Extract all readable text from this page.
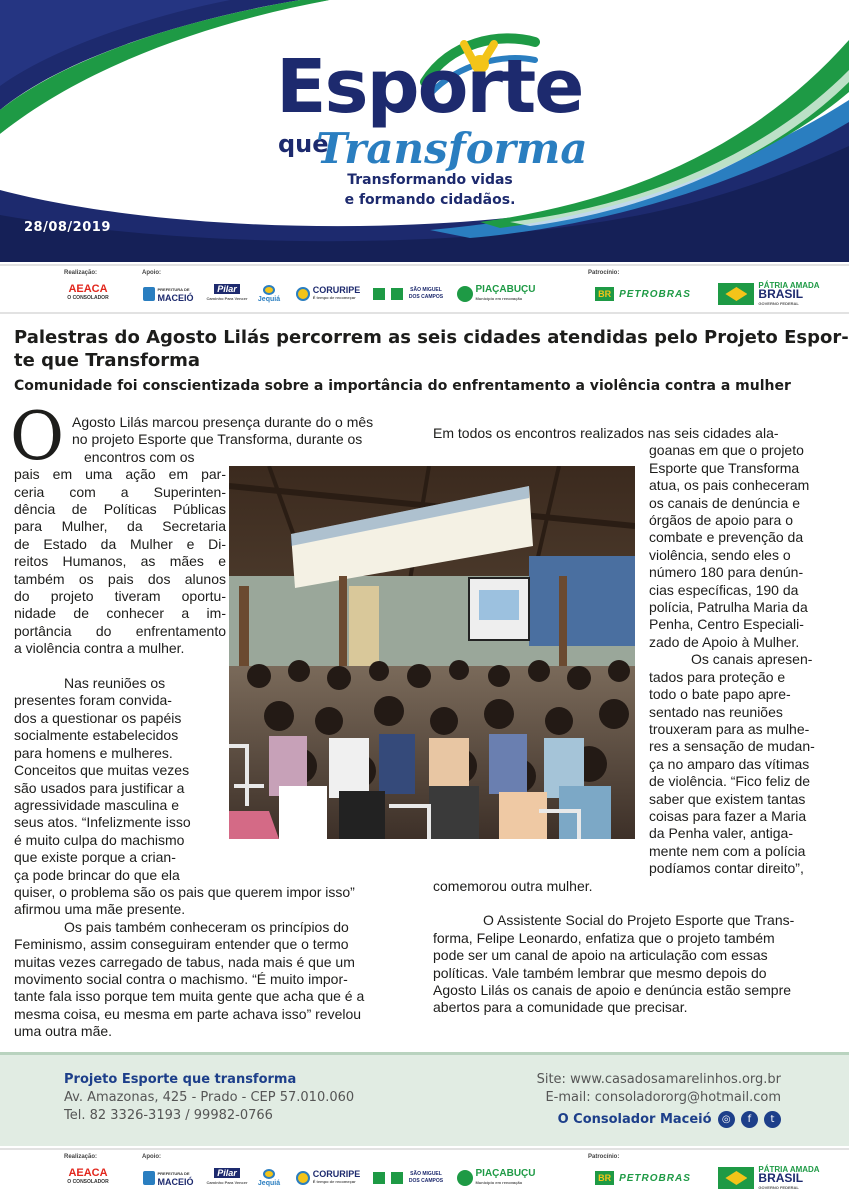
Esporte
que
Transforma
Transformando vidas
e formando cidadãos.
28/08/2019
Realização:	Apoio:	Patrocínio:
AEACA
O CONSOLADOR
PREFEITURA DE
MACEIÓ
Pilar
Caminho Para Vencer Jequiá
CORURIPE
É tempo de recomeçar
SÃO MIGUEL
DOS CAMPOS
PIAÇABUÇU
Município em renovação	BR PETROBRAS
PÁTRIA AMADA
BRASIL
GOVERNO FEDERAL
Palestras do Agosto Lilás percorrem as seis cidades atendidas pelo Projeto Espor-
te que Transforma
Comunidade foi conscientizada sobre a importância do enfrentamento a violência contra a mulher
O Agosto Lilás marcou presença durante do o mês
no projeto Esporte que Transforma, durante os
encontros com os
pais em uma ação em par-
ceria com a Superinten-
dência de Políticas Públicas
para Mulher, da Secretaria
de Estado da Mulher e Di-
reitos Humanos, as mães e
também os pais dos alunos
do projeto tiveram oportu-
nidade de conhecer a im-
portância do enfrentamento
a violência contra a mulher.
Nas reuniões os
presentes foram convida-
dos a questionar os papéis
socialmente estabelecidos
para homens e mulheres.
Conceitos que muitas vezes
são usados para justificar a
agressividade masculina e
seus atos. “Infelizmente isso
é muito culpa do machismo
que existe porque a crian-
ça pode brincar do que ela
quiser, o problema são os pais que querem impor isso”
afirmou uma mãe presente.
Os pais também conheceram os princípios do
Feminismo, assim conseguiram entender que o termo
muitas vezes carregado de tabus, nada mais é que um
movimento social contra o machismo. “É muito impor-
tante fala isso porque tem muita gente que acha que é a
mesma coisa, eu mesma em parte achava isso” revelou
uma outra mãe.
Em todos os encontros realizados nas seis cidades ala-
goanas em que o projeto
Esporte que Transforma
atua, os pais conheceram
os canais de denúncia e
órgãos de apoio para o
combate e prevenção da
violência, sendo eles o
número 180 para denún-
cias específicas, 190 da
polícia, Patrulha Maria da
Penha, Centro Especiali-
zado de Apoio à Mulher.
Os canais apresen-
tados para proteção e
todo o bate papo apre-
sentado nas reuniões
trouxeram para as mulhe-
res a sensação de mudan-
ça no amparo das vítimas
de violência. “Fico feliz de
saber que existem tantas
coisas para fazer a Maria
da Penha valer, antiga-
mente nem com a polícia
podíamos contar direito”,
comemorou outra mulher.
O Assistente Social do Projeto Esporte que Trans-
forma, Felipe Leonardo, enfatiza que o projeto também
pode ser um canal de apoio na articulação com essas
políticas. Vale também lembrar que mesmo depois do
Agosto Lilás os canais de apoio e denúncia estão sempre
abertos para a comunidade que precisar.
Projeto Esporte que transforma
Av. Amazonas, 425 - Prado - CEP 57.010.060
Tel. 82 3326-3193 / 99982-0766
Site: www.casadosamarelinhos.org.br
E-mail: consoladororg@hotmail.com
O Consolador Maceió ◎ f t
Realização:	Apoio:	Patrocínio:
AEACA
O CONSOLADOR
PREFEITURA DE
MACEIÓ
Pilar
Caminho Para Vencer Jequiá
CORURIPE
É tempo de recomeçar
SÃO MIGUEL
DOS CAMPOS
PIAÇABUÇU
Município em renovação	BR PETROBRAS
PÁTRIA AMADA
BRASIL
GOVERNO FEDERAL
